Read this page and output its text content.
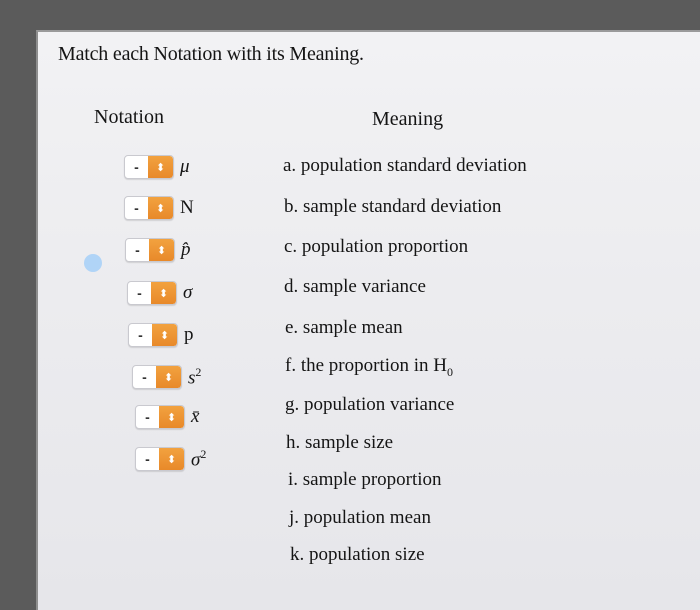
Match each Notation with its Meaning.
Notation	Meaning
-	⬍ μ
-	⬍ N
-	⬍ p̂
-	⬍ σ
-	⬍ p
-	⬍ $s^2$
-	⬍ x̄
-	⬍ $\sigma^2$
a. population standard deviation
b. sample standard deviation
c. population proportion
d. sample variance
e. sample mean
f. the proportion in $H_0$
g. population variance
h. sample size
i. sample proportion
j. population mean
k. population size
